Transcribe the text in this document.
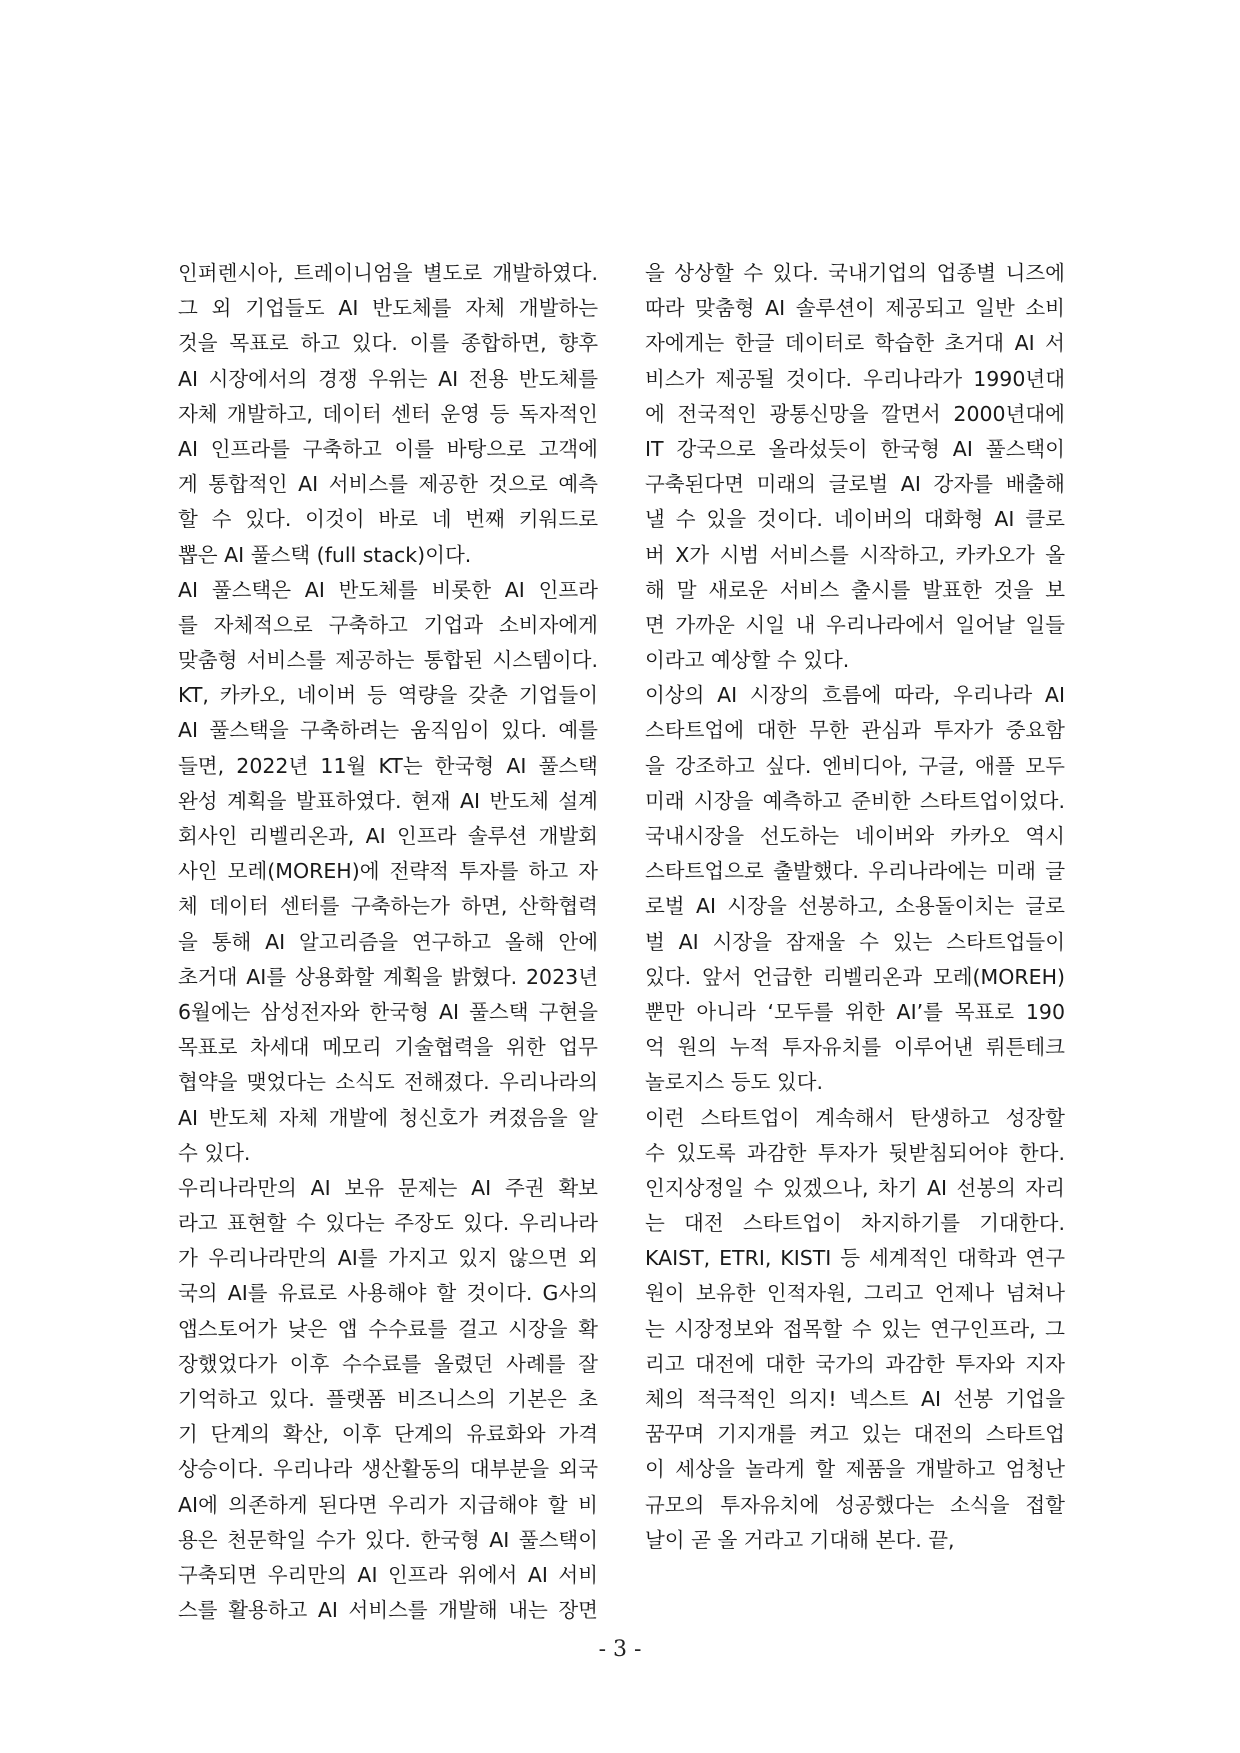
인퍼렌시아, 트레이니엄을 별도로 개발하였다.
그 외 기업들도 AI 반도체를 자체 개발하는
것을 목표로 하고 있다. 이를 종합하면, 향후
AI 시장에서의 경쟁 우위는 AI 전용 반도체를
자체 개발하고, 데이터 센터 운영 등 독자적인
AI 인프라를 구축하고 이를 바탕으로 고객에
게 통합적인 AI 서비스를 제공한 것으로 예측
할 수 있다. 이것이 바로 네 번째 키워드로
뽑은 AI 풀스택 (full stack)이다.
AI 풀스택은 AI 반도체를 비롯한 AI 인프라
를 자체적으로 구축하고 기업과 소비자에게
맞춤형 서비스를 제공하는 통합된 시스템이다.
KT, 카카오, 네이버 등 역량을 갖춘 기업들이
AI 풀스택을 구축하려는 움직임이 있다. 예를
들면, 2022년 11월 KT는 한국형 AI 풀스택
완성 계획을 발표하였다. 현재 AI 반도체 설계
회사인 리벨리온과, AI 인프라 솔루션 개발회
사인 모레(MOREH)에 전략적 투자를 하고 자
체 데이터 센터를 구축하는가 하면, 산학협력
을 통해 AI 알고리즘을 연구하고 올해 안에
초거대 AI를 상용화할 계획을 밝혔다. 2023년
6월에는 삼성전자와 한국형 AI 풀스택 구현을
목표로 차세대 메모리 기술협력을 위한 업무
협약을 맺었다는 소식도 전해졌다. 우리나라의
AI 반도체 자체 개발에 청신호가 켜졌음을 알
수 있다.
우리나라만의 AI 보유 문제는 AI 주권 확보
라고 표현할 수 있다는 주장도 있다. 우리나라
가 우리나라만의 AI를 가지고 있지 않으면 외
국의 AI를 유료로 사용해야 할 것이다. G사의
앱스토어가 낮은 앱 수수료를 걸고 시장을 확
장했었다가 이후 수수료를 올렸던 사례를 잘
기억하고 있다. 플랫폼 비즈니스의 기본은 초
기 단계의 확산, 이후 단계의 유료화와 가격
상승이다. 우리나라 생산활동의 대부분을 외국
AI에 의존하게 된다면 우리가 지급해야 할 비
용은 천문학일 수가 있다. 한국형 AI 풀스택이
구축되면 우리만의 AI 인프라 위에서 AI 서비
스를 활용하고 AI 서비스를 개발해 내는 장면
을 상상할 수 있다. 국내기업의 업종별 니즈에
따라 맞춤형 AI 솔루션이 제공되고 일반 소비
자에게는 한글 데이터로 학습한 초거대 AI 서
비스가 제공될 것이다. 우리나라가 1990년대
에 전국적인 광통신망을 깔면서 2000년대에
IT 강국으로 올라섰듯이 한국형 AI 풀스택이
구축된다면 미래의 글로벌 AI 강자를 배출해
낼 수 있을 것이다. 네이버의 대화형 AI 클로
버 X가 시범 서비스를 시작하고, 카카오가 올
해 말 새로운 서비스 출시를 발표한 것을 보
면 가까운 시일 내 우리나라에서 일어날 일들
이라고 예상할 수 있다.
이상의 AI 시장의 흐름에 따라, 우리나라 AI
스타트업에 대한 무한 관심과 투자가 중요함
을 강조하고 싶다. 엔비디아, 구글, 애플 모두
미래 시장을 예측하고 준비한 스타트업이었다.
국내시장을 선도하는 네이버와 카카오 역시
스타트업으로 출발했다. 우리나라에는 미래 글
로벌 AI 시장을 선봉하고, 소용돌이치는 글로
벌 AI 시장을 잠재울 수 있는 스타트업들이
있다. 앞서 언급한 리벨리온과 모레(MOREH)
뿐만 아니라 ‘모두를 위한 AI’를 목표로 190
억 원의 누적 투자유치를 이루어낸 뤼튼테크
놀로지스 등도 있다.
이런 스타트업이 계속해서 탄생하고 성장할
수 있도록 과감한 투자가 뒷받침되어야 한다.
인지상정일 수 있겠으나, 차기 AI 선봉의 자리
는 대전 스타트업이 차지하기를 기대한다.
KAIST, ETRI, KISTI 등 세계적인 대학과 연구
원이 보유한 인적자원, 그리고 언제나 넘쳐나
는 시장정보와 접목할 수 있는 연구인프라, 그
리고 대전에 대한 국가의 과감한 투자와 지자
체의 적극적인 의지! 넥스트 AI 선봉 기업을
꿈꾸며 기지개를 켜고 있는 대전의 스타트업
이 세상을 놀라게 할 제품을 개발하고 엄청난
규모의 투자유치에 성공했다는 소식을 접할
날이 곧 올 거라고 기대해 본다. 끝,
- 3 -
